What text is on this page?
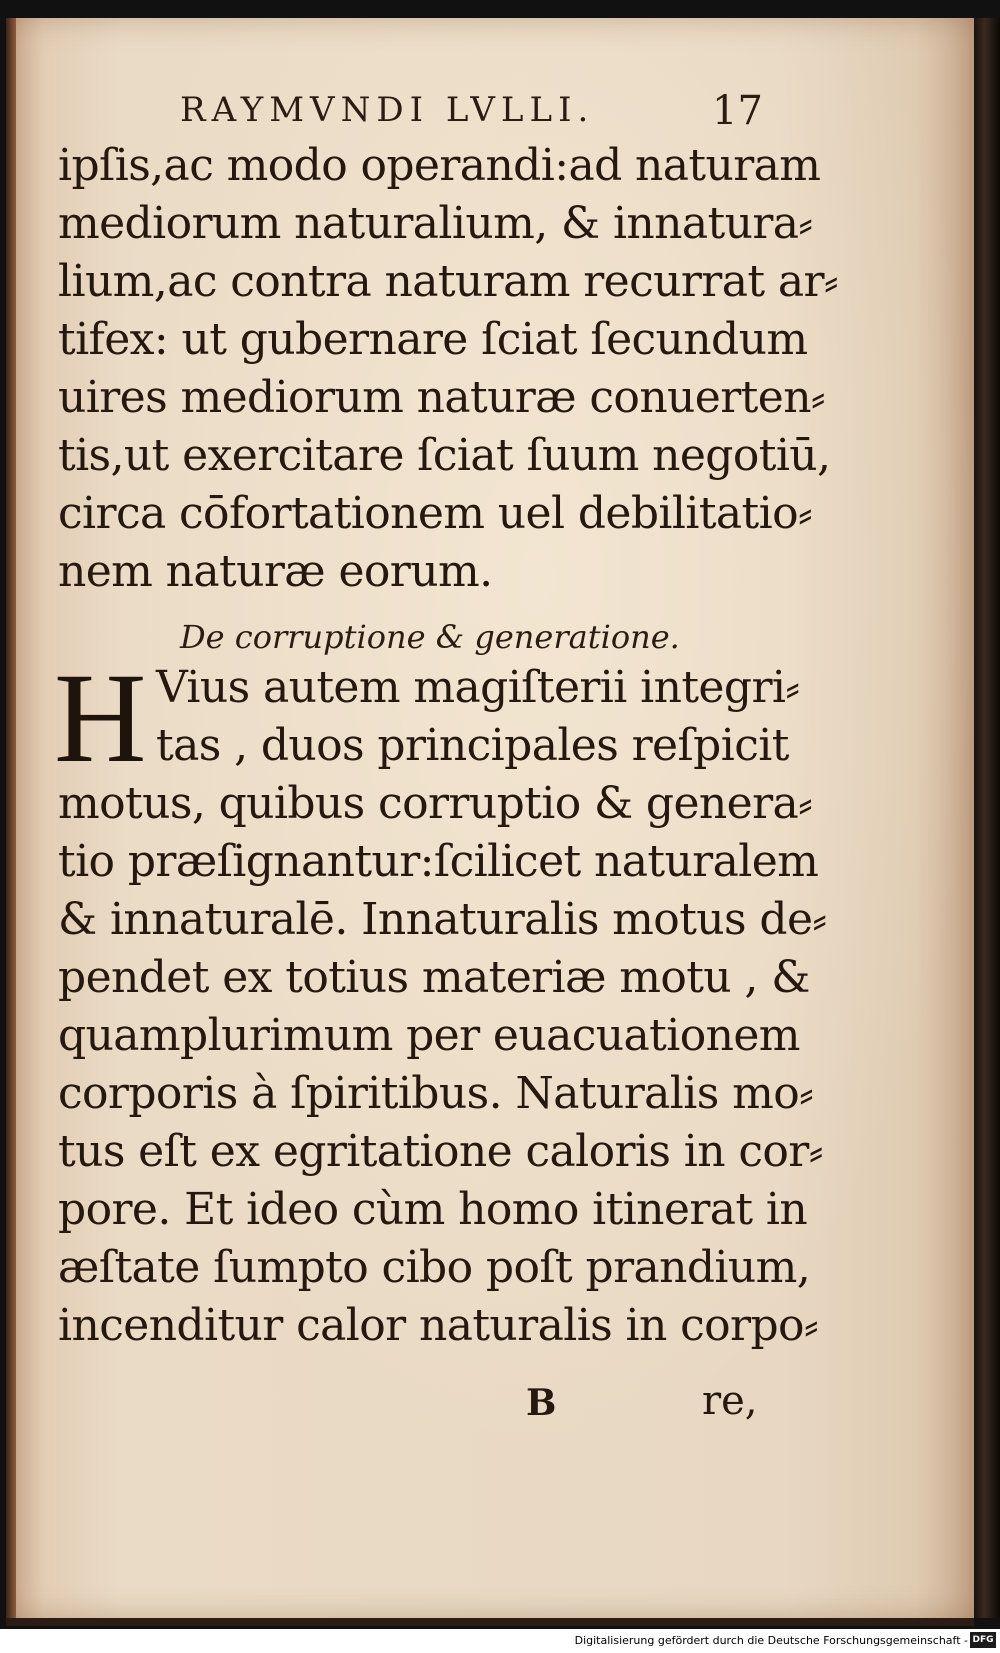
RAYMVNDI LVLLI.	17
ipſis,ac modo operandi:ad naturam
mediorum naturalium, & innatura⸗
lium,ac contra naturam recurrat ar⸗
tifex: ut gubernare ſciat ſecundum
uires mediorum naturæ conuerten⸗
tis,ut exercitare ſciat ſuum negotiū,
circa cōfortationem uel debilitatio⸗
nem naturæ eorum.
De corruptione & generatione.
H Vius autem magiſterii integri⸗
tas , duos principales reſpicit
motus, quibus corruptio & genera⸗
tio præſignantur:ſcilicet naturalem
& innaturalē. Innaturalis motus de⸗
pendet ex totius materiæ motu , &
quamplurimum per euacuationem
corporis à ſpiritibus. Naturalis mo⸗
tus eſt ex egritatione caloris in cor⸗
pore. Et ideo cùm homo itinerat in
æſtate ſumpto cibo poſt prandium,
incenditur calor naturalis in corpo⸗
B	re,
Digitalisierung gefördert durch die Deutsche Forschungsgemeinschaft - DFG
